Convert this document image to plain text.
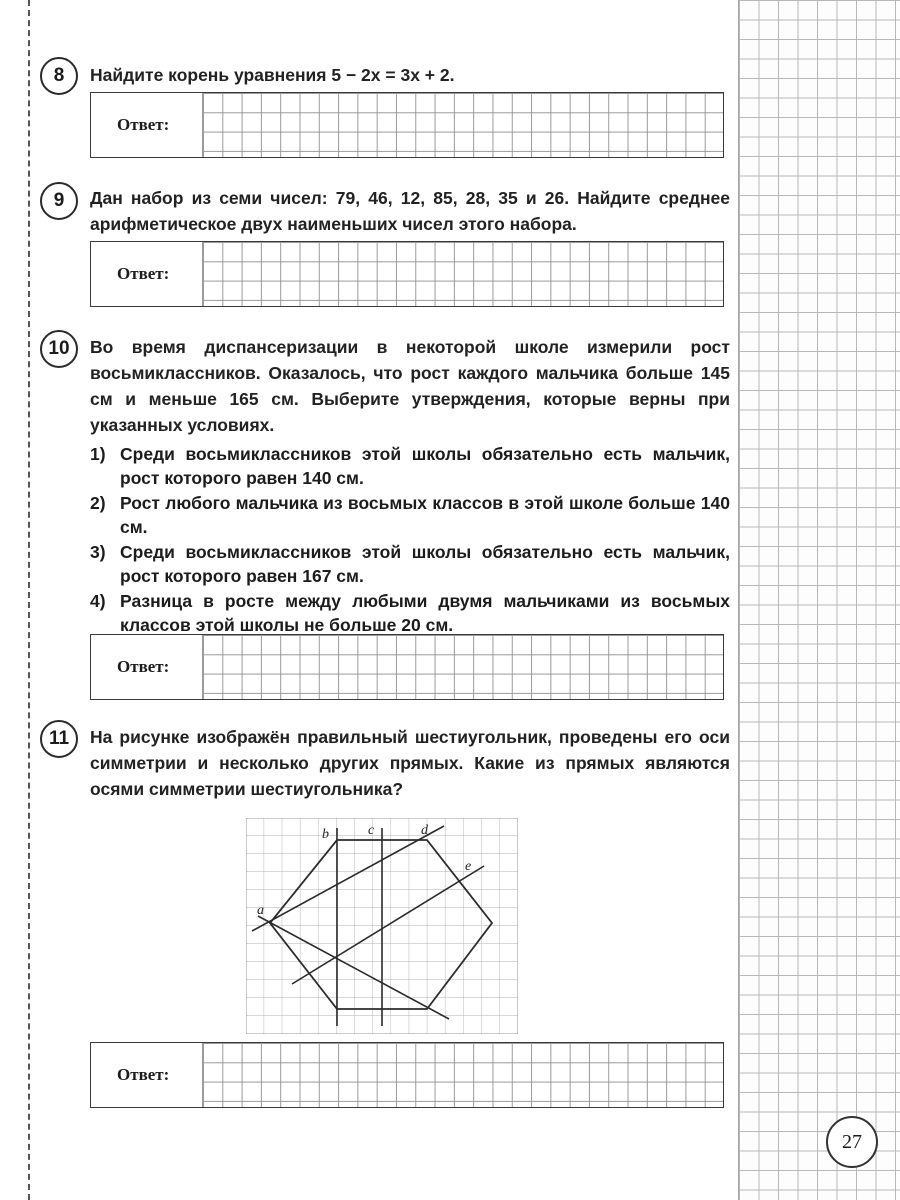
8	Найдите корень уравнения 5 − 2x = 3x + 2.
Ответ:
9	Дан набор из семи чисел: 79, 46, 12, 85, 28, 35 и 26. Найдите среднее арифметическое двух наименьших чисел этого набора.
Ответ:
10	Во время диспансеризации в некоторой школе измерили рост восьмиклассников. Оказалось, что рост каждого мальчика больше 145 см и меньше 165 см. Выберите утверждения, которые верны при указанных условиях.
1) Среди восьмиклассников этой школы обязательно есть мальчик, рост которого равен 140 см.
2) Рост любого мальчика из восьмых классов в этой школе больше 140 см.
3) Среди восьмиклассников этой школы обязательно есть мальчик, рост которого равен 167 см.
4) Разница в росте между любыми двумя мальчиками из восьмых классов этой школы не больше 20 см.
Ответ:
11	На рисунке изображён правильный шестиугольник, проведены его оси симметрии и несколько других прямых. Какие из прямых являются осями симметрии шестиугольника?
a
b	c	d
e
Ответ:
27
